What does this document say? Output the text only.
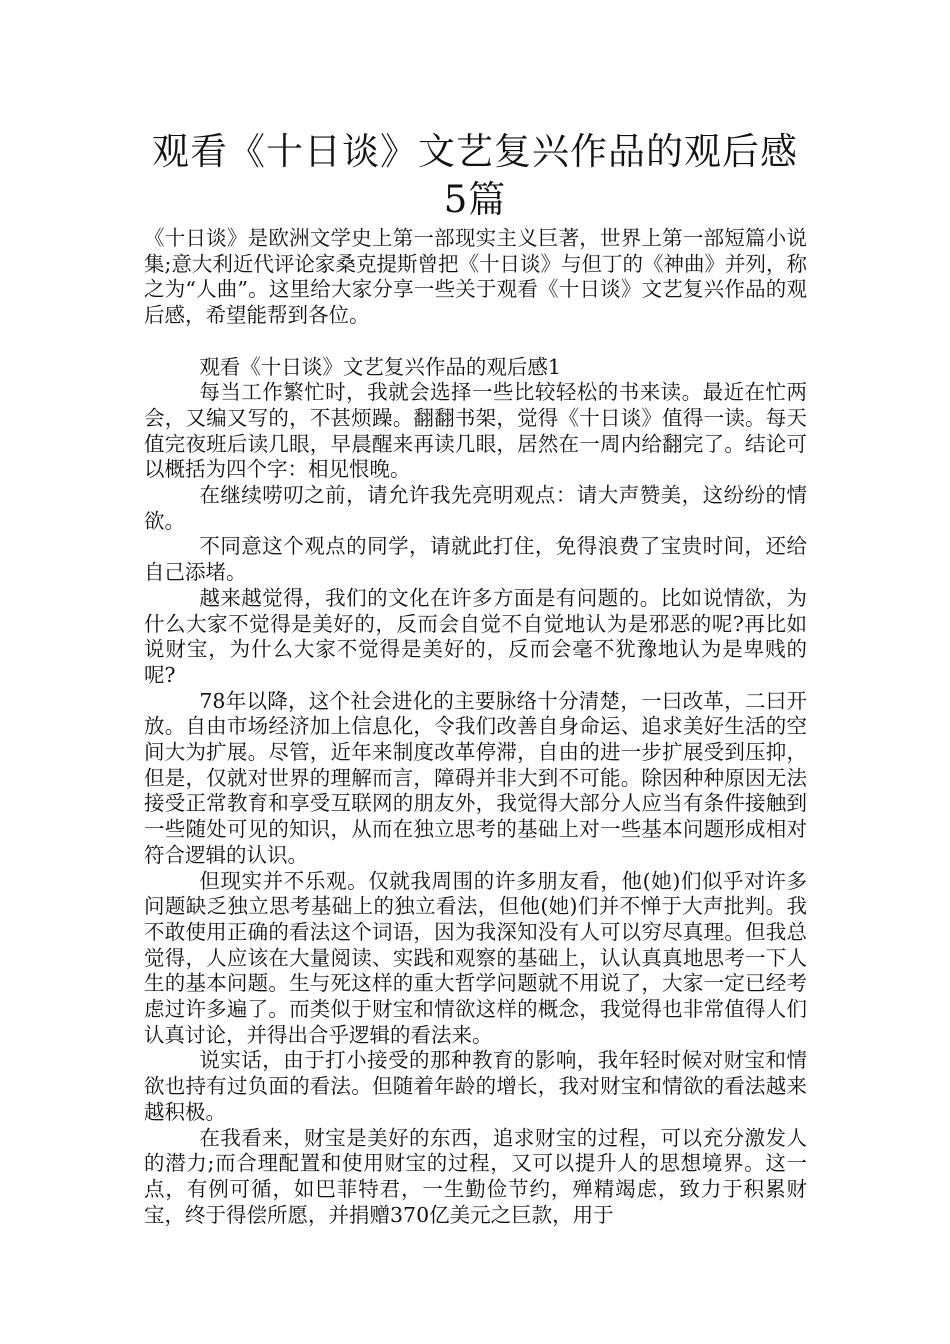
观看《十日谈》文艺复兴作品的观后感5篇

《十日谈》是欧洲文学史上第一部现实主义巨著，世界上第一部短篇小说集;意大利近代评论家桑克提斯曾把《十日谈》与但丁的《神曲》并列，称之为“人曲”。这里给大家分享一些关于观看《十日谈》文艺复兴作品的观后感，希望能帮到各位。

观看《十日谈》文艺复兴作品的观后感1

每当工作繁忙时，我就会选择一些比较轻松的书来读。最近在忙两会，又编又写的，不甚烦躁。翻翻书架，觉得《十日谈》值得一读。每天值完夜班后读几眼，早晨醒来再读几眼，居然在一周内给翻完了。结论可以概括为四个字：相见恨晚。

在继续唠叨之前，请允许我先亮明观点：请大声赞美，这纷纷的情欲。

不同意这个观点的同学，请就此打住，免得浪费了宝贵时间，还给自己添堵。

越来越觉得，我们的文化在许多方面是有问题的。比如说情欲，为什么大家不觉得是美好的，反而会自觉不自觉地认为是邪恶的呢?再比如说财宝，为什么大家不觉得是美好的，反而会毫不犹豫地认为是卑贱的呢?

78年以降，这个社会进化的主要脉络十分清楚，一曰改革，二曰开放。自由市场经济加上信息化，令我们改善自身命运、追求美好生活的空间大为扩展。尽管，近年来制度改革停滞，自由的进一步扩展受到压抑，但是，仅就对世界的理解而言，障碍并非大到不可能。除因种种原因无法接受正常教育和享受互联网的朋友外，我觉得大部分人应当有条件接触到一些随处可见的知识，从而在独立思考的基础上对一些基本问题形成相对符合逻辑的认识。

但现实并不乐观。仅就我周围的许多朋友看，他(她)们似乎对许多问题缺乏独立思考基础上的独立看法，但他(她)们并不惮于大声批判。我不敢使用正确的看法这个词语，因为我深知没有人可以穷尽真理。但我总觉得，人应该在大量阅读、实践和观察的基础上，认认真真地思考一下人生的基本问题。生与死这样的重大哲学问题就不用说了，大家一定已经考虑过许多遍了。而类似于财宝和情欲这样的概念，我觉得也非常值得人们认真讨论，并得出合乎逻辑的看法来。

说实话，由于打小接受的那种教育的影响，我年轻时候对财宝和情欲也持有过负面的看法。但随着年龄的增长，我对财宝和情欲的看法越来越积极。

在我看来，财宝是美好的东西，追求财宝的过程，可以充分激发人的潜力;而合理配置和使用财宝的过程，又可以提升人的思想境界。这一点，有例可循，如巴菲特君，一生勤俭节约，殚精竭虑，致力于积累财宝，终于得偿所愿，并捐赠370亿美元之巨款，用于
